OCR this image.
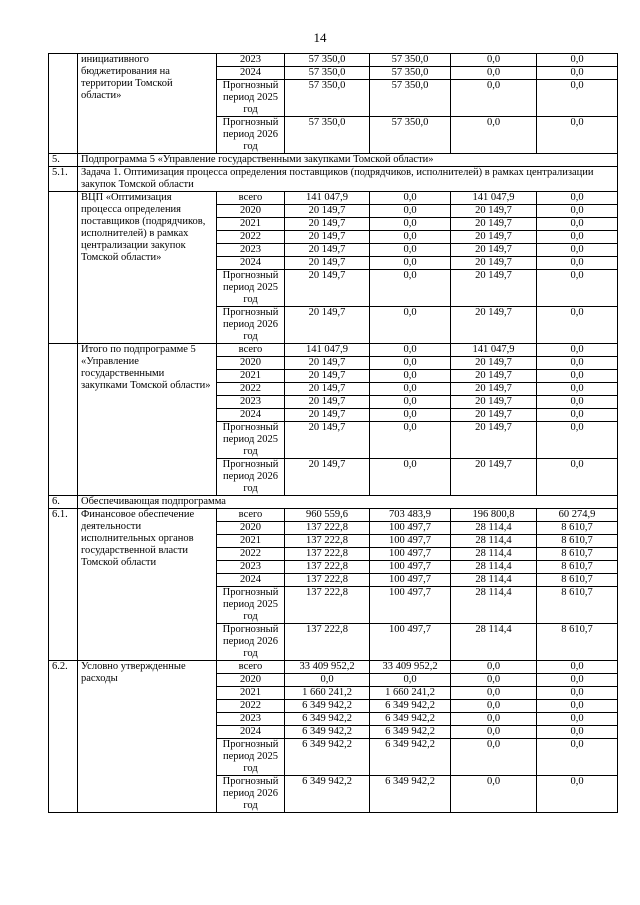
14
	инициативного бюджетирования на территории Томской области»	2023	57 350,0	57 350,0	0,0	0,0
		2024	57 350,0	57 350,0	0,0	0,0
		Прогнозный период 2025 год	57 350,0	57 350,0	0,0	0,0
		Прогнозный период 2026 год	57 350,0	57 350,0	0,0	0,0
5.	Подпрограмма 5 «Управление государственными закупками Томской области»					
5.1.	Задача 1. Оптимизация процесса определения поставщиков (подрядчиков, исполнителей) в рамках централизации закупок Томской области					
	ВЦП «Оптимизация процесса определения поставщиков (подрядчиков, исполнителей) в рамках централизации закупок Томской области»	всего	141 047,9	0,0	141 047,9	0,0
		2020	20 149,7	0,0	20 149,7	0,0
		2021	20 149,7	0,0	20 149,7	0,0
		2022	20 149,7	0,0	20 149,7	0,0
		2023	20 149,7	0,0	20 149,7	0,0
		2024	20 149,7	0,0	20 149,7	0,0
		Прогнозный период 2025 год	20 149,7	0,0	20 149,7	0,0
		Прогнозный период 2026 год	20 149,7	0,0	20 149,7	0,0
	Итого по подпрограмме 5 «Управление государственными закупками Томской области»	всего	141 047,9	0,0	141 047,9	0,0
		2020	20 149,7	0,0	20 149,7	0,0
		2021	20 149,7	0,0	20 149,7	0,0
		2022	20 149,7	0,0	20 149,7	0,0
		2023	20 149,7	0,0	20 149,7	0,0
		2024	20 149,7	0,0	20 149,7	0,0
		Прогнозный период 2025 год	20 149,7	0,0	20 149,7	0,0
		Прогнозный период 2026 год	20 149,7	0,0	20 149,7	0,0
6.	Обеспечивающая подпрограмма					
6.1.	Финансовое обеспечение деятельности исполнительных органов государственной власти Томской области	всего	960 559,6	703 483,9	196 800,8	60 274,9
		2020	137 222,8	100 497,7	28 114,4	8 610,7
		2021	137 222,8	100 497,7	28 114,4	8 610,7
		2022	137 222,8	100 497,7	28 114,4	8 610,7
		2023	137 222,8	100 497,7	28 114,4	8 610,7
		2024	137 222,8	100 497,7	28 114,4	8 610,7
		Прогнозный период 2025 год	137 222,8	100 497,7	28 114,4	8 610,7
		Прогнозный период 2026 год	137 222,8	100 497,7	28 114,4	8 610,7
6.2.	Условно утвержденные расходы	всего	33 409 952,2	33 409 952,2	0,0	0,0
		2020	0,0	0,0	0,0	0,0
		2021	1 660 241,2	1 660 241,2	0,0	0,0
		2022	6 349 942,2	6 349 942,2	0,0	0,0
		2023	6 349 942,2	6 349 942,2	0,0	0,0
		2024	6 349 942,2	6 349 942,2	0,0	0,0
		Прогнозный период 2025 год	6 349 942,2	6 349 942,2	0,0	0,0
		Прогнозный период 2026 год	6 349 942,2	6 349 942,2	0,0	0,0
